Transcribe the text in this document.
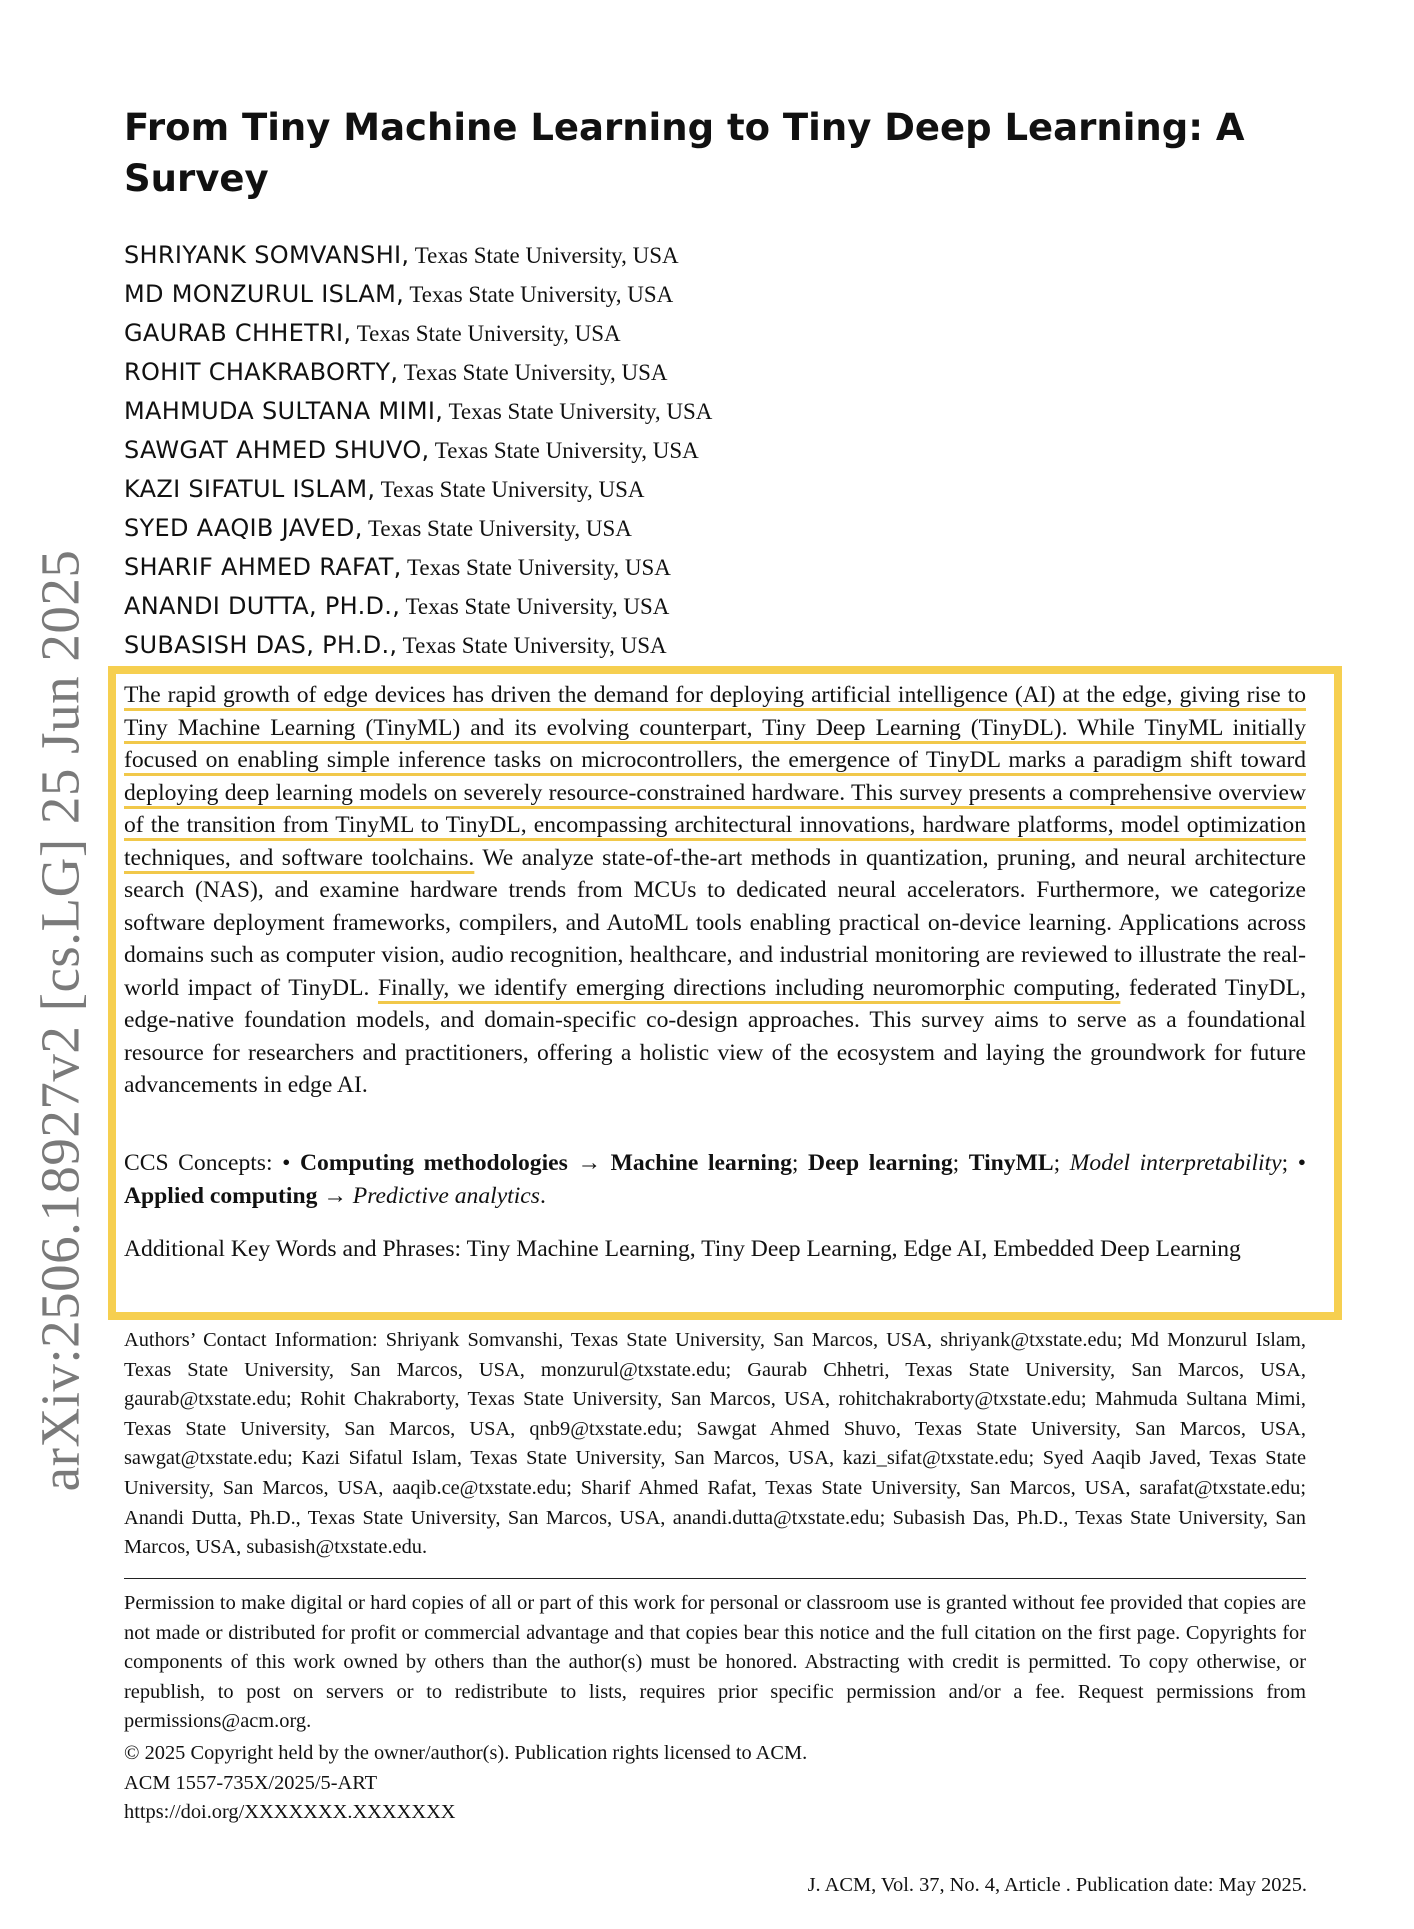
arXiv:2506.18927v2 [cs.LG] 25 Jun 2025
From Tiny Machine Learning to Tiny Deep Learning: A Survey
SHRIYANK SOMVANSHI, Texas State University, USA
MD MONZURUL ISLAM, Texas State University, USA
GAURAB CHHETRI, Texas State University, USA
ROHIT CHAKRABORTY, Texas State University, USA
MAHMUDA SULTANA MIMI, Texas State University, USA
SAWGAT AHMED SHUVO, Texas State University, USA
KAZI SIFATUL ISLAM, Texas State University, USA
SYED AAQIB JAVED, Texas State University, USA
SHARIF AHMED RAFAT, Texas State University, USA
ANANDI DUTTA, PH.D., Texas State University, USA
SUBASISH DAS, PH.D., Texas State University, USA

The rapid growth of edge devices has driven the demand for deploying artificial intelligence (AI) at the edge, giving rise to Tiny Machine Learning (TinyML) and its evolving counterpart, Tiny Deep Learning (TinyDL). While TinyML initially focused on enabling simple inference tasks on microcontrollers, the emergence of TinyDL marks a paradigm shift toward deploying deep learning models on severely resource-constrained hardware. This survey presents a comprehensive overview of the transition from TinyML to TinyDL, encompassing architectural innovations, hardware platforms, model optimization techniques, and software toolchains. We analyze state-of-the-art methods in quantization, pruning, and neural architecture search (NAS), and examine hardware trends from MCUs to dedicated neural accelerators. Furthermore, we categorize software deployment frameworks, compilers, and AutoML tools enabling practical on-device learning. Applications across domains such as computer vision, audio recognition, healthcare, and industrial monitoring are reviewed to illustrate the real-world impact of TinyDL. Finally, we identify emerging directions including neuromorphic computing, federated TinyDL, edge-native foundation models, and domain-specific co-design approaches. This survey aims to serve as a foundational resource for researchers and practitioners, offering a holistic view of the ecosystem and laying the groundwork for future advancements in edge AI.

CCS Concepts: • Computing methodologies → Machine learning; Deep learning; TinyML; Model interpretability; • Applied computing → Predictive analytics.

Additional Key Words and Phrases: Tiny Machine Learning, Tiny Deep Learning, Edge AI, Embedded Deep Learning

Authors’ Contact Information: Shriyank Somvanshi, Texas State University, San Marcos, USA, shriyank@txstate.edu; Md Monzurul Islam, Texas State University, San Marcos, USA, monzurul@txstate.edu; Gaurab Chhetri, Texas State University, San Marcos, USA, gaurab@txstate.edu; Rohit Chakraborty, Texas State University, San Marcos, USA, rohitchakraborty@txstate.edu; Mahmuda Sultana Mimi, Texas State University, San Marcos, USA, qnb9@txstate.edu; Sawgat Ahmed Shuvo, Texas State University, San Marcos, USA, sawgat@txstate.edu; Kazi Sifatul Islam, Texas State University, San Marcos, USA, kazi_sifat@txstate.edu; Syed Aaqib Javed, Texas State University, San Marcos, USA, aaqib.ce@txstate.edu; Sharif Ahmed Rafat, Texas State University, San Marcos, USA, sarafat@txstate.edu; Anandi Dutta, Ph.D., Texas State University, San Marcos, USA, anandi.dutta@txstate.edu; Subasish Das, Ph.D., Texas State University, San Marcos, USA, subasish@txstate.edu.

Permission to make digital or hard copies of all or part of this work for personal or classroom use is granted without fee provided that copies are not made or distributed for profit or commercial advantage and that copies bear this notice and the full citation on the first page. Copyrights for components of this work owned by others than the author(s) must be honored. Abstracting with credit is permitted. To copy otherwise, or republish, to post on servers or to redistribute to lists, requires prior specific permission and/or a fee. Request permissions from permissions@acm.org.

© 2025 Copyright held by the owner/author(s). Publication rights licensed to ACM.
ACM 1557-735X/2025/5-ART
https://doi.org/XXXXXXX.XXXXXXX
J. ACM, Vol. 37, No. 4, Article . Publication date: May 2025.
